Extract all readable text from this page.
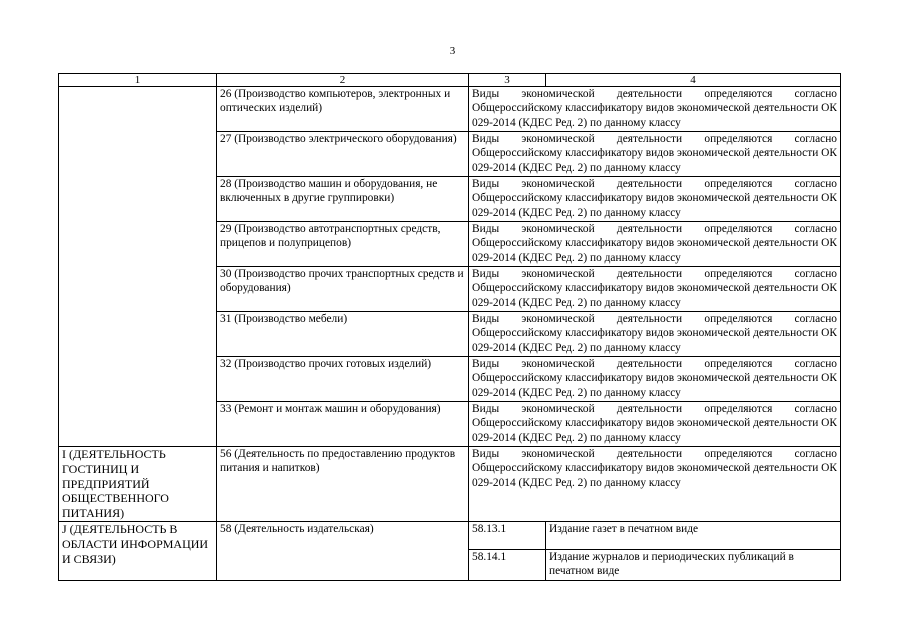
3
1	2	3	4
	26 (Производство компьютеров, электронных и оптических изделий)	Виды экономической деятельности определяются согласно Общероссийскому классификатору видов экономической деятельности ОК 029-2014 (КДЕС Ред. 2) по данному классу	
	27 (Производство электрического оборудования)	Виды экономической деятельности определяются согласно Общероссийскому классификатору видов экономической деятельности ОК 029-2014 (КДЕС Ред. 2) по данному классу	
	28 (Производство машин и оборудования, не включенных в другие группировки)	Виды экономической деятельности определяются согласно Общероссийскому классификатору видов экономической деятельности ОК 029-2014 (КДЕС Ред. 2) по данному классу	
	29 (Производство автотранспортных средств, прицепов и полуприцепов)	Виды экономической деятельности определяются согласно Общероссийскому классификатору видов экономической деятельности ОК 029-2014 (КДЕС Ред. 2) по данному классу	
	30 (Производство прочих транспортных средств и оборудования)	Виды экономической деятельности определяются согласно Общероссийскому классификатору видов экономической деятельности ОК 029-2014 (КДЕС Ред. 2) по данному классу	
	31 (Производство мебели)	Виды экономической деятельности определяются согласно Общероссийскому классификатору видов экономической деятельности ОК 029-2014 (КДЕС Ред. 2) по данному классу	
	32 (Производство прочих готовых изделий)	Виды экономической деятельности определяются согласно Общероссийскому классификатору видов экономической деятельности ОК 029-2014 (КДЕС Ред. 2) по данному классу	
	33 (Ремонт и монтаж машин и оборудования)	Виды экономической деятельности определяются согласно Общероссийскому классификатору видов экономической деятельности ОК 029-2014 (КДЕС Ред. 2) по данному классу	
I (ДЕЯТЕЛЬНОСТЬ ГОСТИНИЦ И ПРЕДПРИЯТИЙ ОБЩЕСТВЕННОГО ПИТАНИЯ)	56 (Деятельность по предоставлению продуктов питания и напитков)	Виды экономической деятельности определяются согласно Общероссийскому классификатору видов экономической деятельности ОК 029-2014 (КДЕС Ред. 2) по данному классу	
J (ДЕЯТЕЛЬНОСТЬ В ОБЛАСТИ ИНФОРМАЦИИ И СВЯЗИ)	58 (Деятельность издательская)	58.13.1	Издание газет в печатном виде
		58.14.1	Издание журналов и периодических публикаций в печатном виде
